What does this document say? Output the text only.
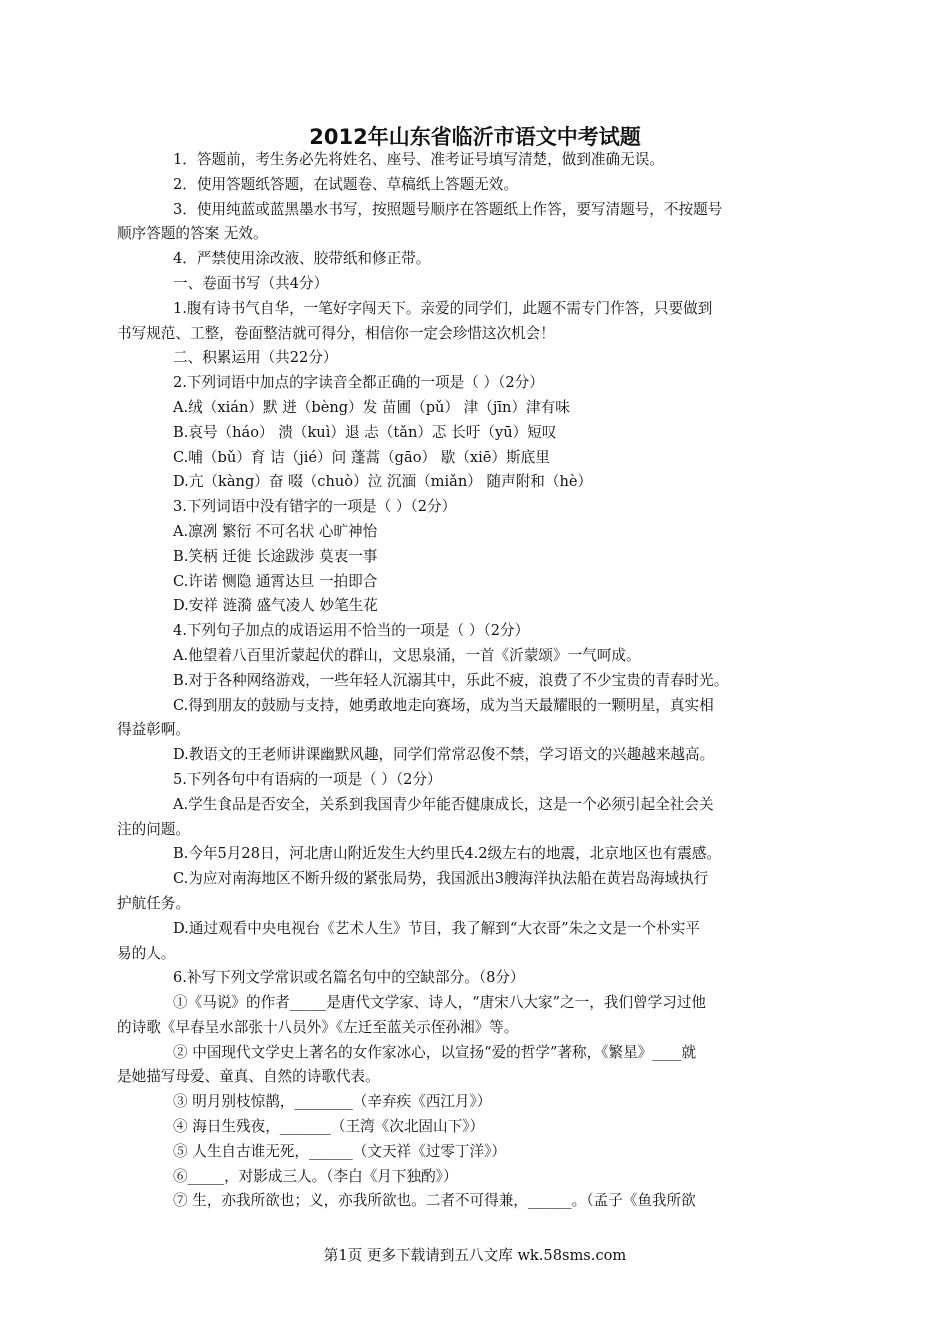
2012年山东省临沂市语文中考试题

1．答题前，考生务必先将姓名、座号、准考证号填写清楚，做到准确无误。

2．使用答题纸答题，在试题卷、草稿纸上答题无效。

3．使用纯蓝或蓝黑墨水书写，按照题号顺序在答题纸上作答，要写清题号，不按题号

顺序答题的答案 无效。

4．严禁使用涂改液、胶带纸和修正带。

一、卷面书写（共4分）

1.腹有诗书气自华，一笔好字闯天下。亲爱的同学们，此题不需专门作答，只要做到

书写规范、工整，卷面整洁就可得分，相信你一定会珍惜这次机会！

二、积累运用（共22分）

2.下列词语中加点的字读音全都正确的一项是（ ）（2分）

A.绒（xián）默 迸（bèng）发 苗圃（pǔ） 津（jīn）津有味

B.哀号（háo） 溃（kuì）退 忐（tǎn）忑 长吁（yū）短叹

C.哺（bǔ）育 诘（jié）问 蓬蒿（gāo） 歇（xiē）斯底里

D.亢（kàng）奋 啜（chuò）泣 沉湎（miǎn） 随声附和（hè）

3.下列词语中没有错字的一项是（ ）（2分）

A.凛冽 繁衍 不可名状 心旷神怡

B.笑柄 迁徙 长途跋涉 莫衷一事

C.许诺 恻隐 通霄达旦 一拍即合

D.安祥 涟漪 盛气凌人 妙笔生花

4.下列句子加点的成语运用不恰当的一项是（ ）（2分）

A.他望着八百里沂蒙起伏的群山，文思泉涌，一首《沂蒙颂》一气呵成。

B.对于各种网络游戏，一些年轻人沉溺其中，乐此不疲，浪费了不少宝贵的青春时光。

C.得到朋友的鼓励与支持，她勇敢地走向赛场，成为当天最耀眼的一颗明星，真实相

得益彰啊。

D.教语文的王老师讲课幽默风趣，同学们常常忍俊不禁，学习语文的兴趣越来越高。

5.下列各句中有语病的一项是（ ）（2分）

A.学生食品是否安全，关系到我国青少年能否健康成长，这是一个必须引起全社会关

注的问题。

B.今年5月28日，河北唐山附近发生大约里氏4.2级左右的地震，北京地区也有震感。

C.为应对南海地区不断升级的紧张局势，我国派出3艘海洋执法船在黄岩岛海域执行

护航任务。

D.通过观看中央电视台《艺术人生》节目，我了解到“大衣哥”朱之文是一个朴实平

易的人。

6.补写下列文学常识或名篇名句中的空缺部分。（8分）

①《马说》的作者_____是唐代文学家、诗人，“唐宋八大家”之一，我们曾学习过他

的诗歌《早春呈水部张十八员外》《左迁至蓝关示侄孙湘》等。

② 中国现代文学史上著名的女作家冰心，以宣扬“爱的哲学”著称，《繁星》____就

是她描写母爱、童真、自然的诗歌代表。

③ 明月别枝惊鹊，________（辛弃疾《西江月》）

④ 海日生残夜，_______（王湾《次北固山下》）

⑤ 人生自古谁无死，______（文天祥《过零丁洋》）

⑥_____，对影成三人。（李白《月下独酌》）

⑦ 生，亦我所欲也；义，亦我所欲也。二者不可得兼，______。（孟子《鱼我所欲

第1页 更多下载请到五八文库 wk.58sms.com
